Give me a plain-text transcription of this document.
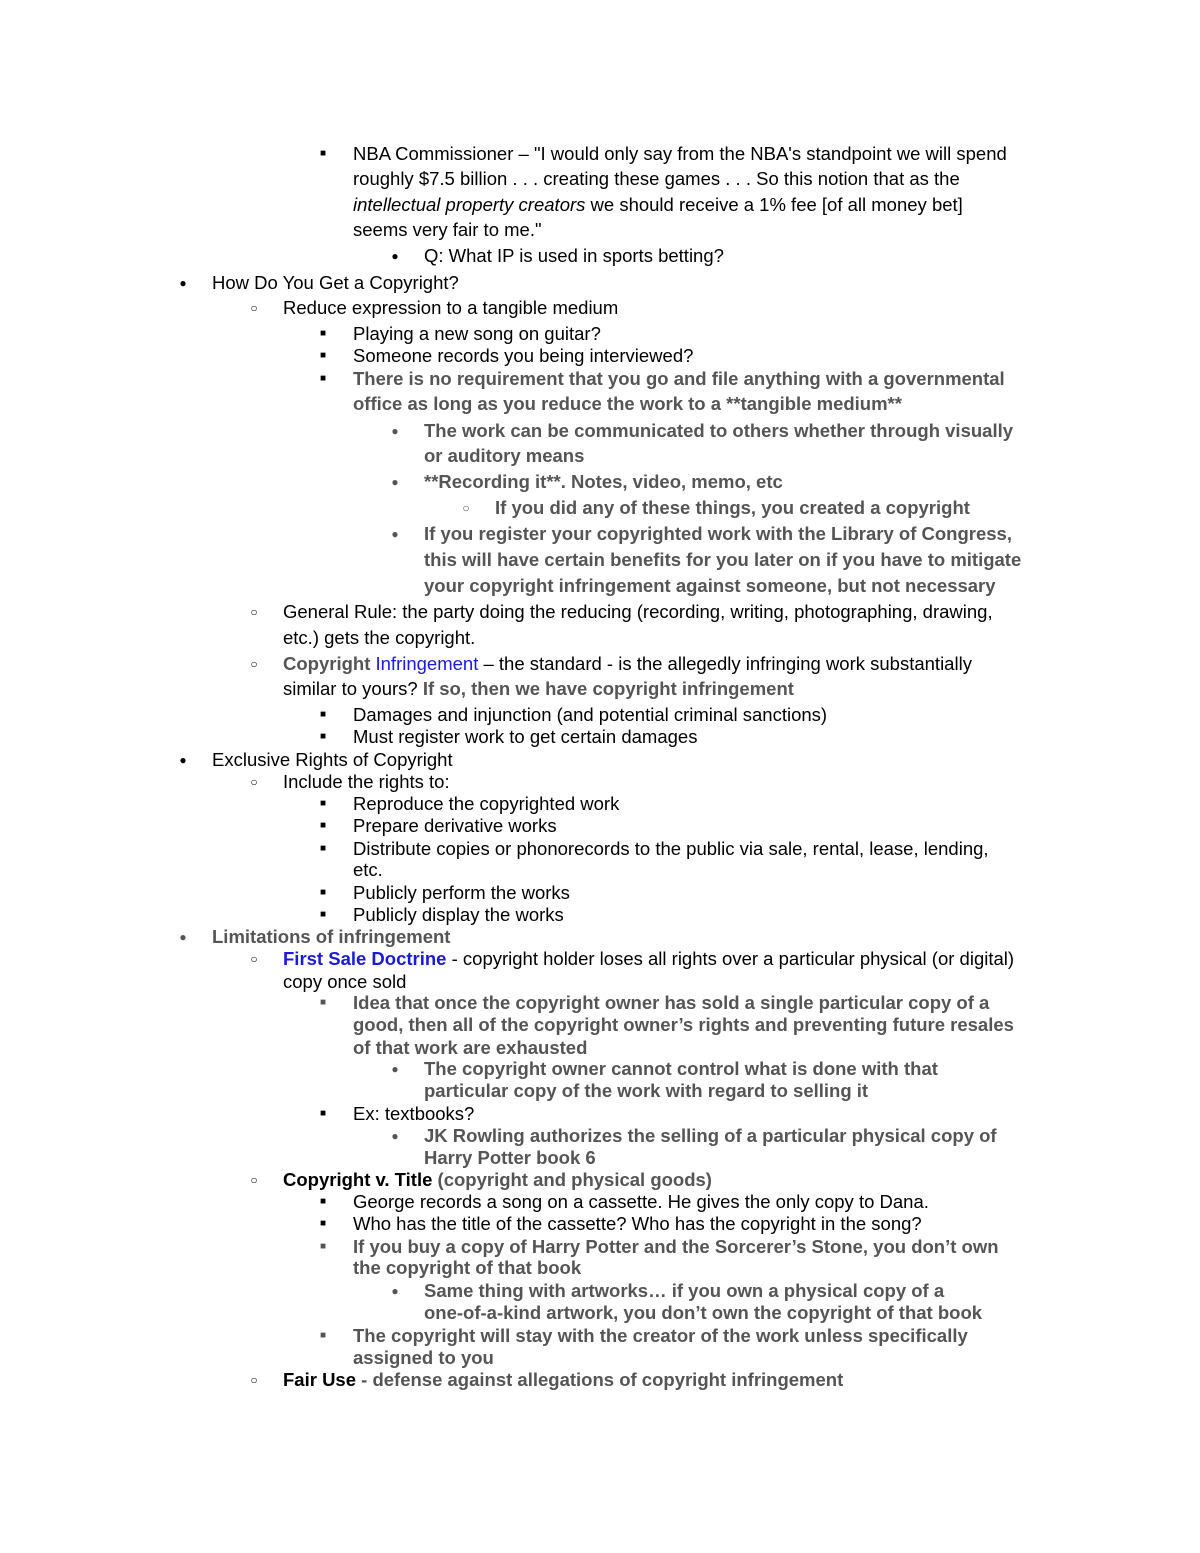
■ NBA Commissioner – "I would only say from the NBA's standpoint we will spend
roughly $7.5 billion . . . creating these games . . . So this notion that as the
intellectual property creators we should receive a 1% fee [of all money bet]
seems very fair to me."
● Q: What IP is used in sports betting?
● How Do You Get a Copyright?
○ Reduce expression to a tangible medium
■ Playing a new song on guitar?
■ Someone records you being interviewed?
■ There is no requirement that you go and file anything with a governmental
office as long as you reduce the work to a **tangible medium**
● The work can be communicated to others whether through visually
or auditory means
● **Recording it**. Notes, video, memo, etc
○ If you did any of these things, you created a copyright
● If you register your copyrighted work with the Library of Congress,
this will have certain benefits for you later on if you have to mitigate
your copyright infringement against someone, but not necessary
○ General Rule: the party doing the reducing (recording, writing, photographing, drawing,
etc.) gets the copyright.
○ Copyright Infringement – the standard - is the allegedly infringing work substantially
similar to yours? If so, then we have copyright infringement
■ Damages and injunction (and potential criminal sanctions)
■ Must register work to get certain damages
● Exclusive Rights of Copyright
○ Include the rights to:
■ Reproduce the copyrighted work
■ Prepare derivative works
■ Distribute copies or phonorecords to the public via sale, rental, lease, lending,
etc.
■ Publicly perform the works
■ Publicly display the works
● Limitations of infringement
○ First Sale Doctrine - copyright holder loses all rights over a particular physical (or digital)
copy once sold
■ Idea that once the copyright owner has sold a single particular copy of a
good, then all of the copyright owner’s rights and preventing future resales
of that work are exhausted
● The copyright owner cannot control what is done with that
particular copy of the work with regard to selling it
■ Ex: textbooks?
● JK Rowling authorizes the selling of a particular physical copy of
Harry Potter book 6
○ Copyright v. Title (copyright and physical goods)
■ George records a song on a cassette. He gives the only copy to Dana.
■ Who has the title of the cassette? Who has the copyright in the song?
■ If you buy a copy of Harry Potter and the Sorcerer’s Stone, you don’t own
the copyright of that book
● Same thing with artworks… if you own a physical copy of a
one-of-a-kind artwork, you don’t own the copyright of that book
■ The copyright will stay with the creator of the work unless specifically
assigned to you
○ Fair Use - defense against allegations of copyright infringement
